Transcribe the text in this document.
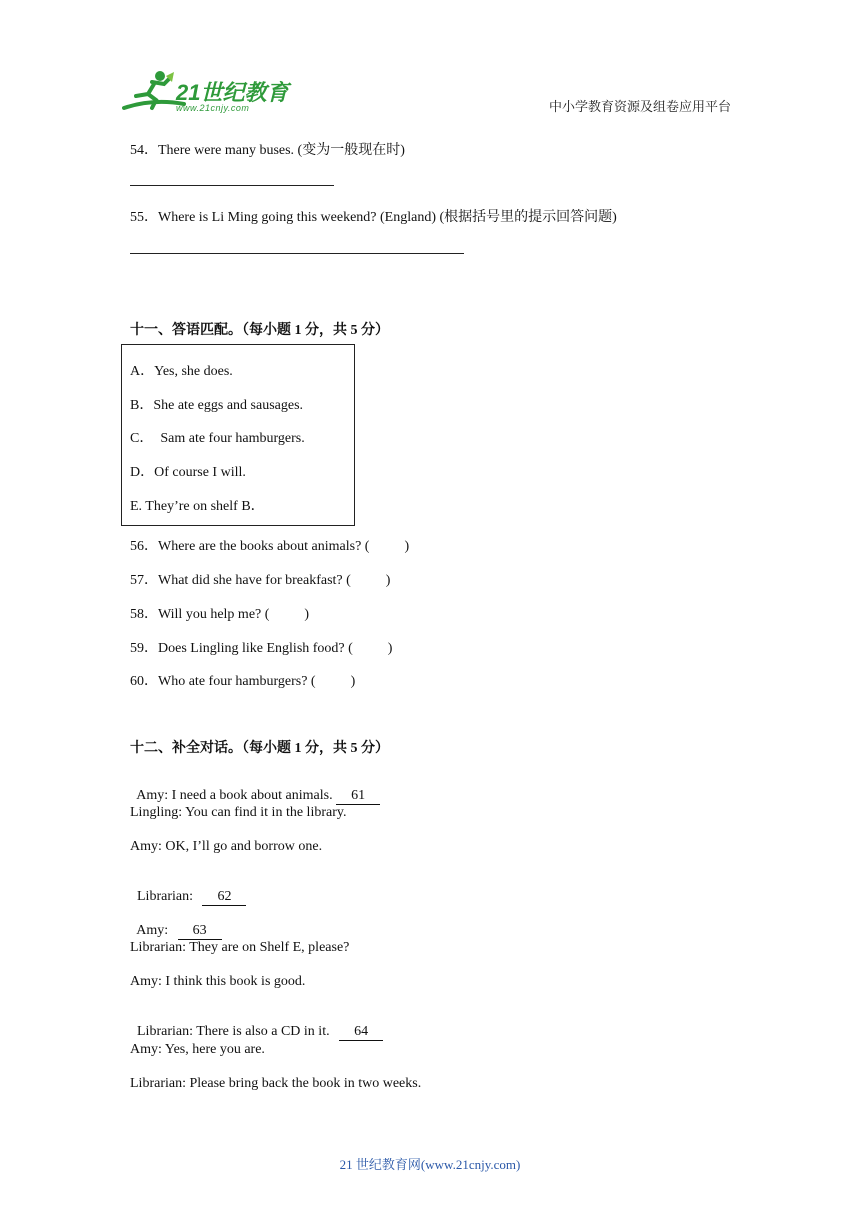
21世纪教育
www.21cnjy.com	中小学教育资源及组卷应用平台
54．There were many buses. (变为一般现在时)
55．Where is Li Ming going this weekend? (England) (根据括号里的提示回答问题)
十一、答语匹配。（每小题 1 分，共 5 分）
A．Yes, she does.
B．She ate eggs and sausages.
C．  Sam ate four hamburgers.
D．Of course I will.
E. They’re on shelf B．
56．Where are the books about animals? (          )
57．What did she have for breakfast? (          )
58．Will you help me? (          )
59．Does Lingling like English food? (          )
60．Who ate four hamburgers? (          )
十二、补全对话。（每小题 1 分，共 5 分）

Amy: I need a book about animals. 61

Lingling: You can find it in the library.
Amy: OK, I’ll go and borrow one.

Librarian: 62

Amy: 63

Librarian: They are on Shelf E, please?
Amy: I think this book is good.

Librarian: There is also a CD in it. 64

Amy: Yes, here you are.
Librarian: Please bring back the book in two weeks.
21 世纪教育网(www.21cnjy.com)
